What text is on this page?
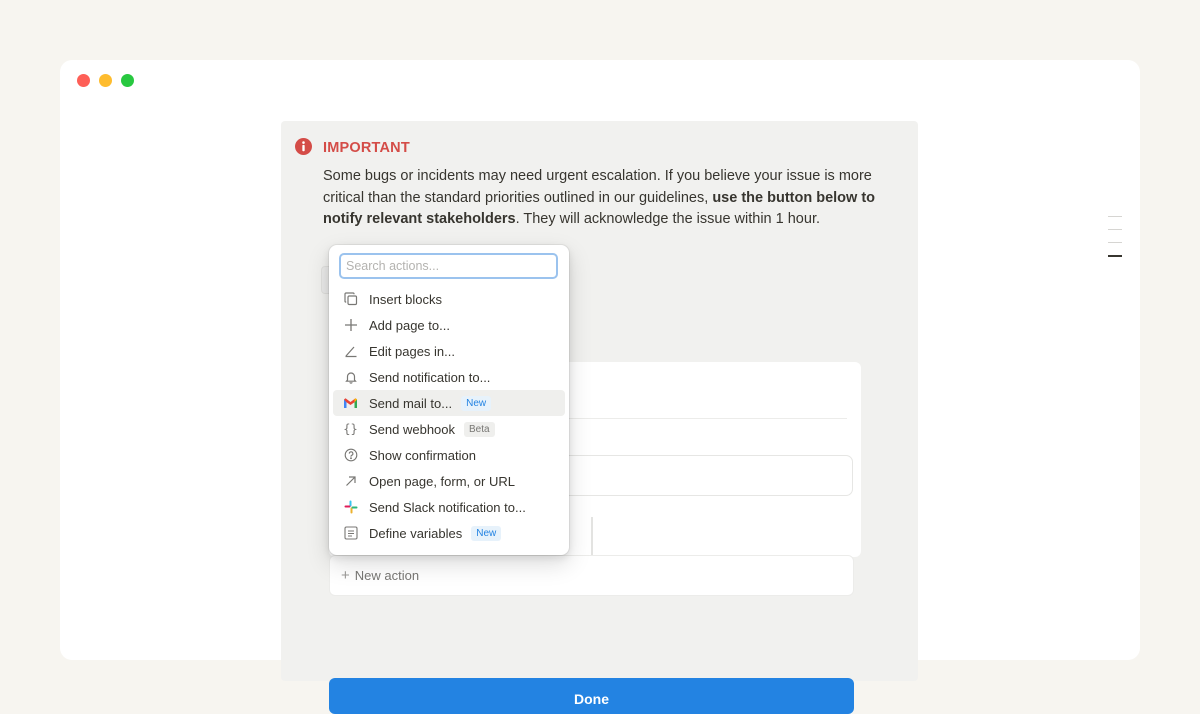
IMPORTANT
Some bugs or incidents may need urgent escalation. If you believe your issue is more critical than the standard priorities outlined in our guidelines, use the button below to notify relevant stakeholders. They will acknowledge the issue within 1 hour.
+ New action
Done
Search actions...
Insert blocks
Add page to...
Edit pages in...
Send notification to...
Send mail to...	New
{} Send webhook	Beta
Show confirmation
Open page, form, or URL
Send Slack notification to...
Define variables	New
